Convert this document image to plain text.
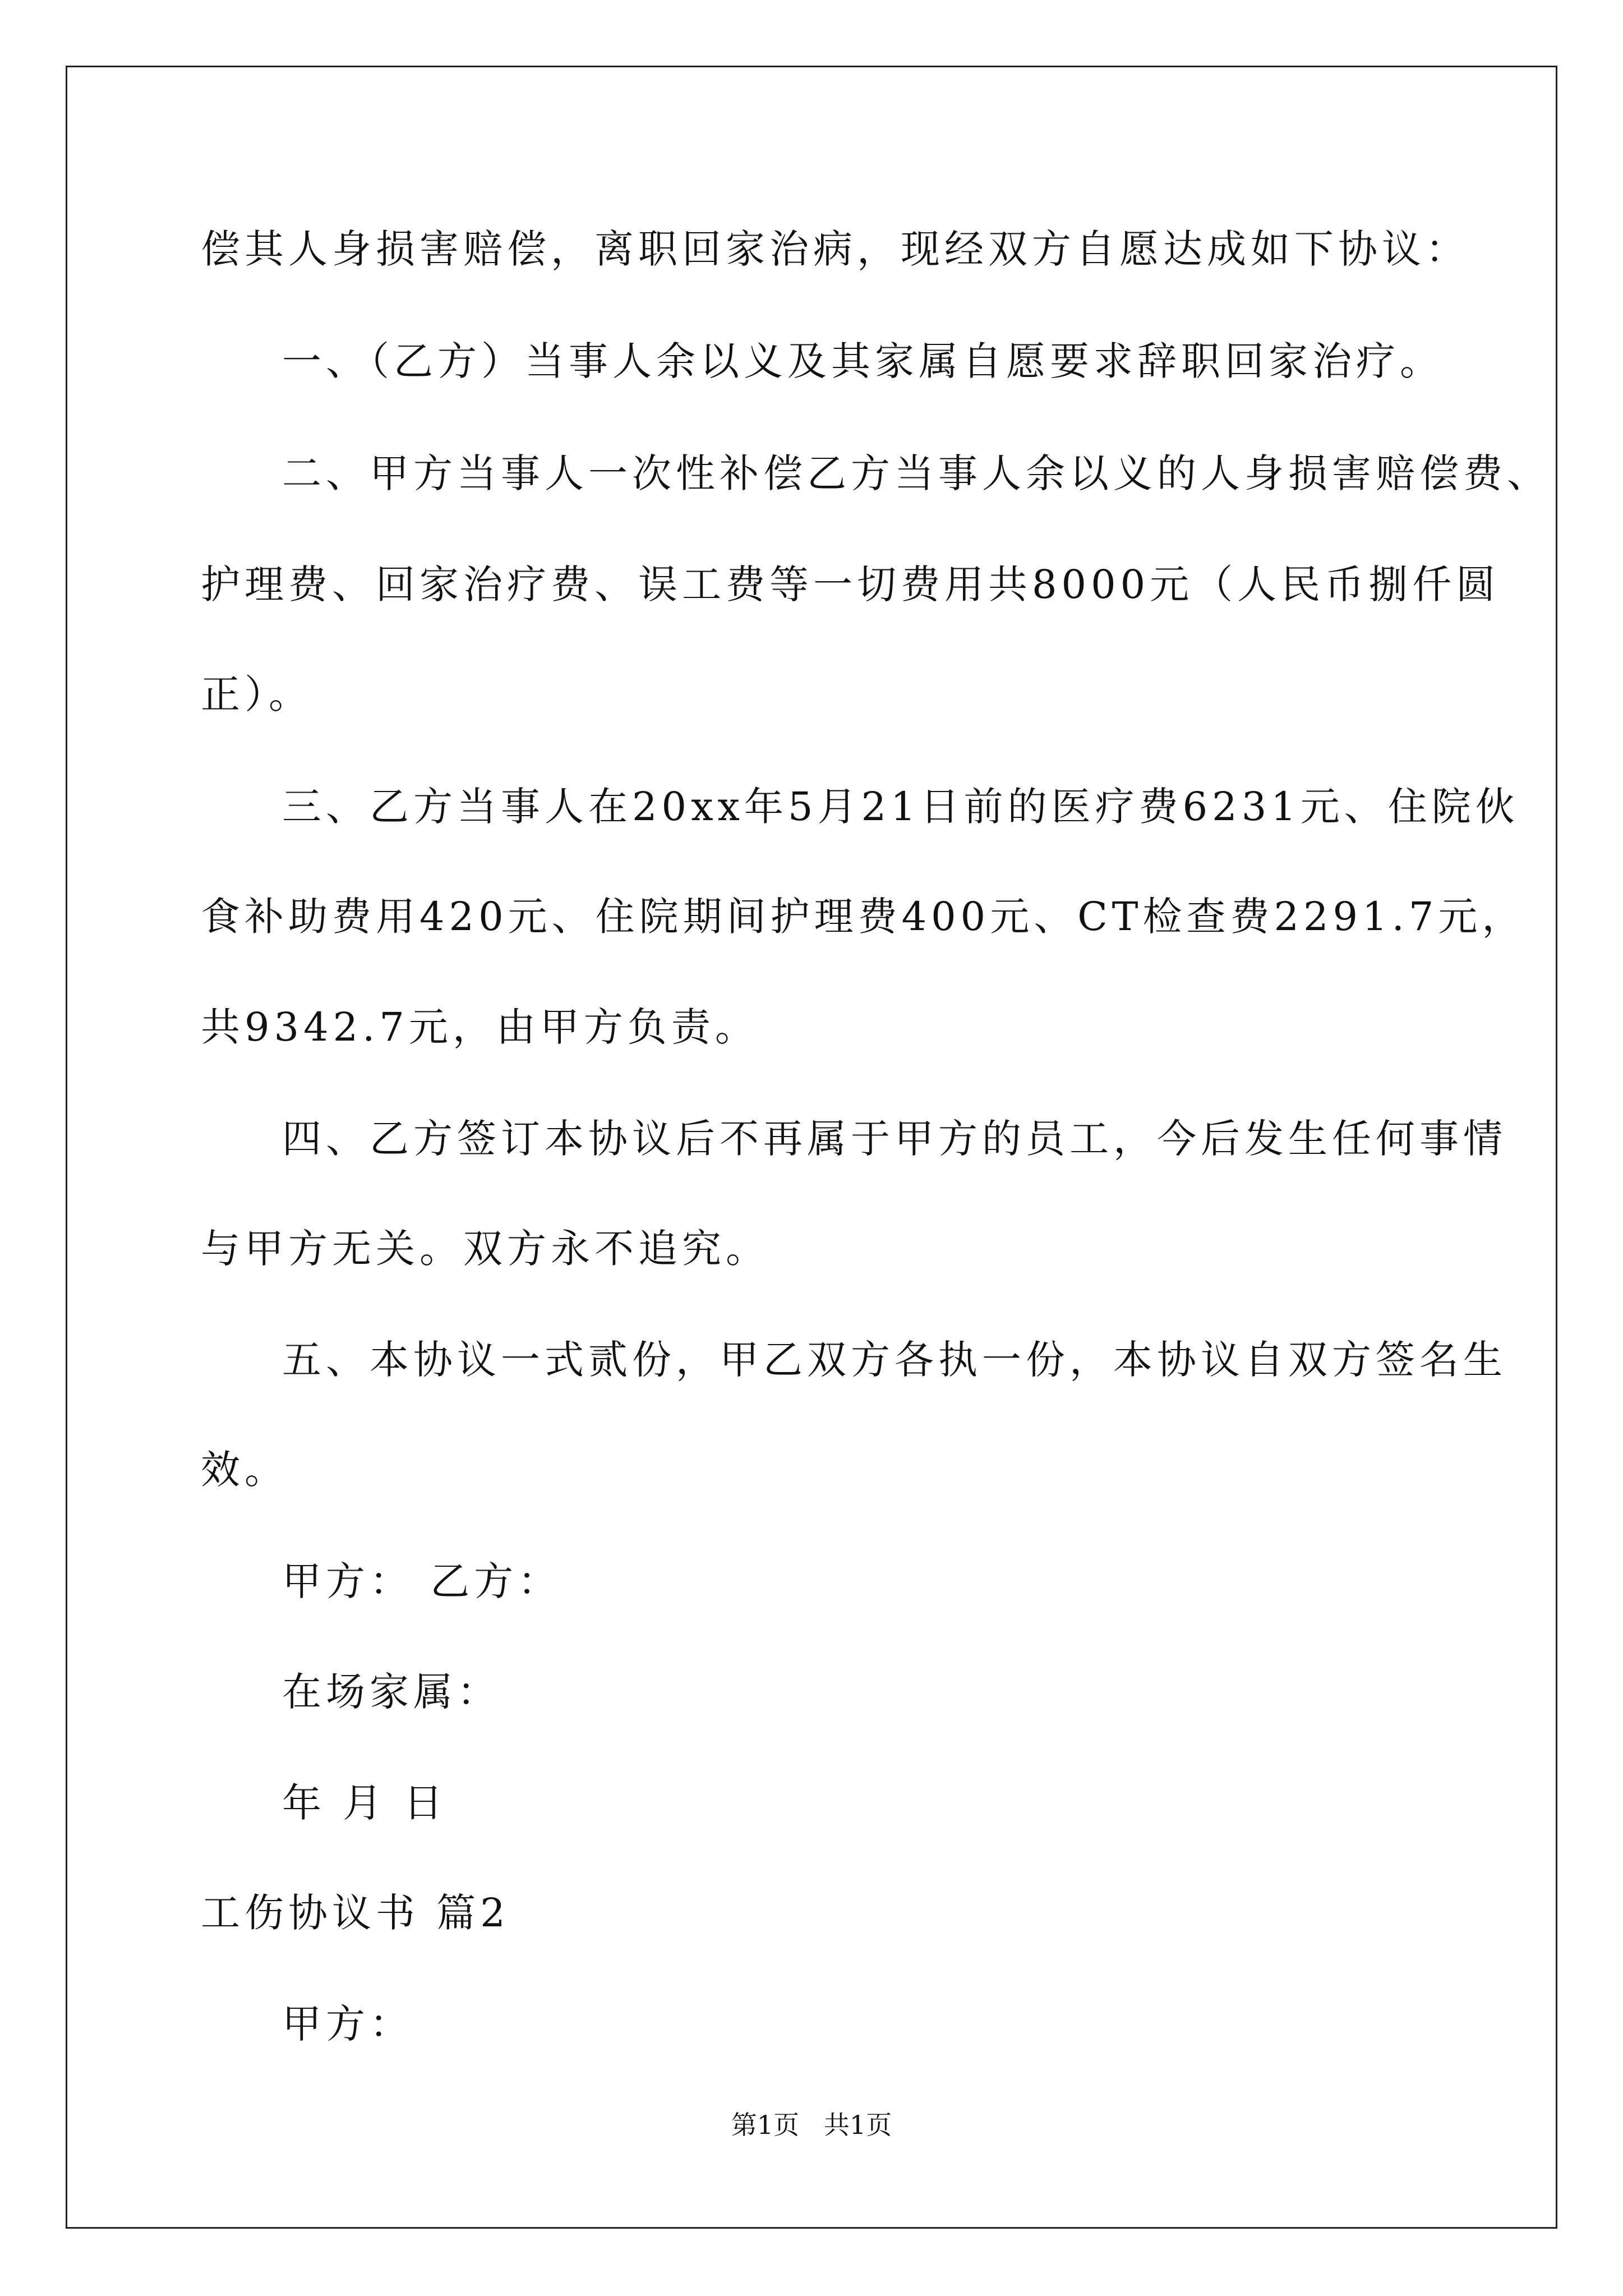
偿其人身损害赔偿，离职回家治病，现经双方自愿达成如下协议：
一、（乙方）当事人余以义及其家属自愿要求辞职回家治疗。
二、甲方当事人一次性补偿乙方当事人余以义的人身损害赔偿费、
护理费、回家治疗费、误工费等一切费用共8000元（人民币捌仟圆
正）。
三、乙方当事人在20xx年5月21日前的医疗费6231元、住院伙
食补助费用420元、住院期间护理费400元、CT检查费2291.7元，
共9342.7元，由甲方负责。
四、乙方签订本协议后不再属于甲方的员工，今后发生任何事情
与甲方无关。双方永不追究。
五、本协议一式贰份，甲乙双方各执一份，本协议自双方签名生
效。
甲方： 乙方：
在场家属：
年 月 日
工伤协议书 篇2
甲方：
第1页   共1页
